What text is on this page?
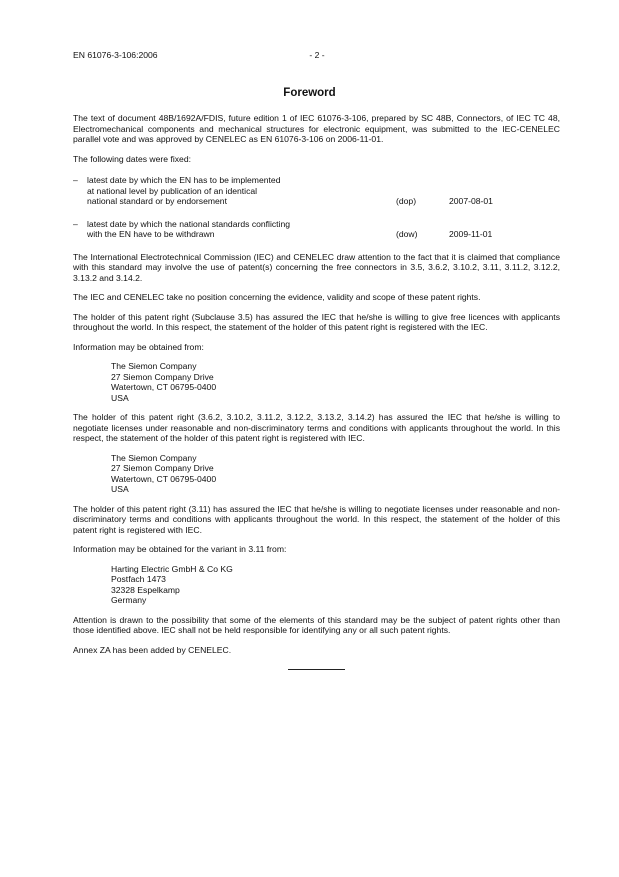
EN 61076-3-106:2006	- 2 -
Foreword

The text of document 48B/1692A/FDIS, future edition 1 of IEC 61076-3-106, prepared by SC 48B, Connectors, of IEC TC 48, Electromechanical components and mechanical structures for electronic equipment, was submitted to the IEC-CENELEC parallel vote and was approved by CENELEC as EN 61076-3-106 on 2006-11-01.

The following dates were fixed:

–	latest date by which the EN has to be implemented
at national level by publication of an identical
national standard or by endorsement	(dop)	2007-08-01
–	latest date by which the national standards conflicting
with the EN have to be withdrawn	(dow)	2009-11-01

The International Electrotechnical Commission (IEC) and CENELEC draw attention to the fact that it is claimed that compliance with this standard may involve the use of patent(s) concerning the free connectors in 3.5, 3.6.2, 3.10.2, 3.11, 3.11.2, 3.12.2, 3.13.2 and 3.14.2.

The IEC and CENELEC take no position concerning the evidence, validity and scope of these patent rights.

The holder of this patent right (Subclause 3.5) has assured the IEC that he/she is willing to give free licences with applicants throughout the world. In this respect, the statement of the holder of this patent right is registered with the IEC.

Information may be obtained from:

The Siemon Company
27 Siemon Company Drive
Watertown, CT 06795-0400
USA

The holder of this patent right (3.6.2, 3.10.2, 3.11.2, 3.12.2, 3.13.2, 3.14.2) has assured the IEC that he/she is willing to negotiate licenses under reasonable and non-discriminatory terms and conditions with applicants throughout the world. In this respect, the statement of the holder of this patent right is registered with IEC.

The Siemon Company
27 Siemon Company Drive
Watertown, CT 06795-0400
USA

The holder of this patent right (3.11) has assured the IEC that he/she is willing to negotiate licenses under reasonable and non-discriminatory terms and conditions with applicants throughout the world. In this respect, the statement of the holder of this patent right is registered with IEC.

Information may be obtained for the variant in 3.11 from:

Harting Electric GmbH & Co KG
Postfach 1473
32328 Espelkamp
Germany

Attention is drawn to the possibility that some of the elements of this standard may be the subject of patent rights other than those identified above. IEC shall not be held responsible for identifying any or all such patent rights.

Annex ZA has been added by CENELEC.
